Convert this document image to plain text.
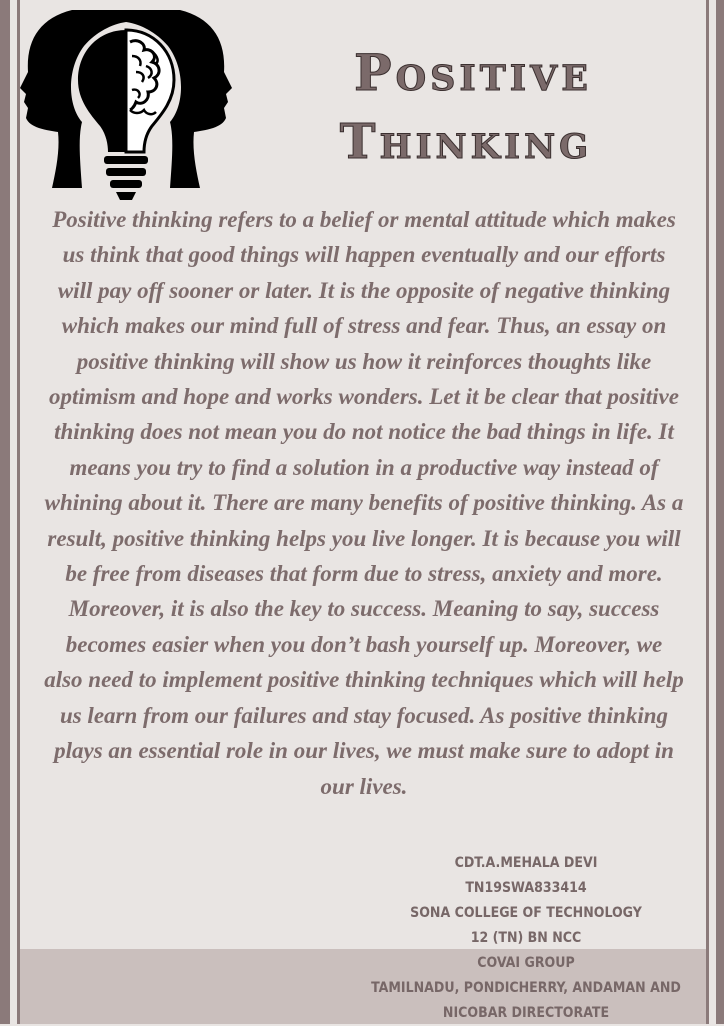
Positive
Thinking

Positive thinking refers to a belief or mental attitude which makes us think that good things will happen eventually and our efforts will pay off sooner or later. It is the opposite of negative thinking which makes our mind full of stress and fear. Thus, an essay on positive thinking will show us how it reinforces thoughts like optimism and hope and works wonders. Let it be clear that positive thinking does not mean you do not notice the bad things in life. It means you try to find a solution in a productive way instead of whining about it. There are many benefits of positive thinking. As a result, positive thinking helps you live longer. It is because you will be free from diseases that form due to stress, anxiety and more. Moreover, it is also the key to success. Meaning to say, success becomes easier when you don’t bash yourself up. Moreover, we also need to implement positive thinking techniques which will help us learn from our failures and stay focused. As positive thinking plays an essential role in our lives, we must make sure to adopt in our lives.

CDT.A.MEHALA DEVI
TN19SWA833414
SONA COLLEGE OF TECHNOLOGY
12 (TN) BN NCC
COVAI GROUP
TAMILNADU, PONDICHERRY, ANDAMAN AND
NICOBAR DIRECTORATE
